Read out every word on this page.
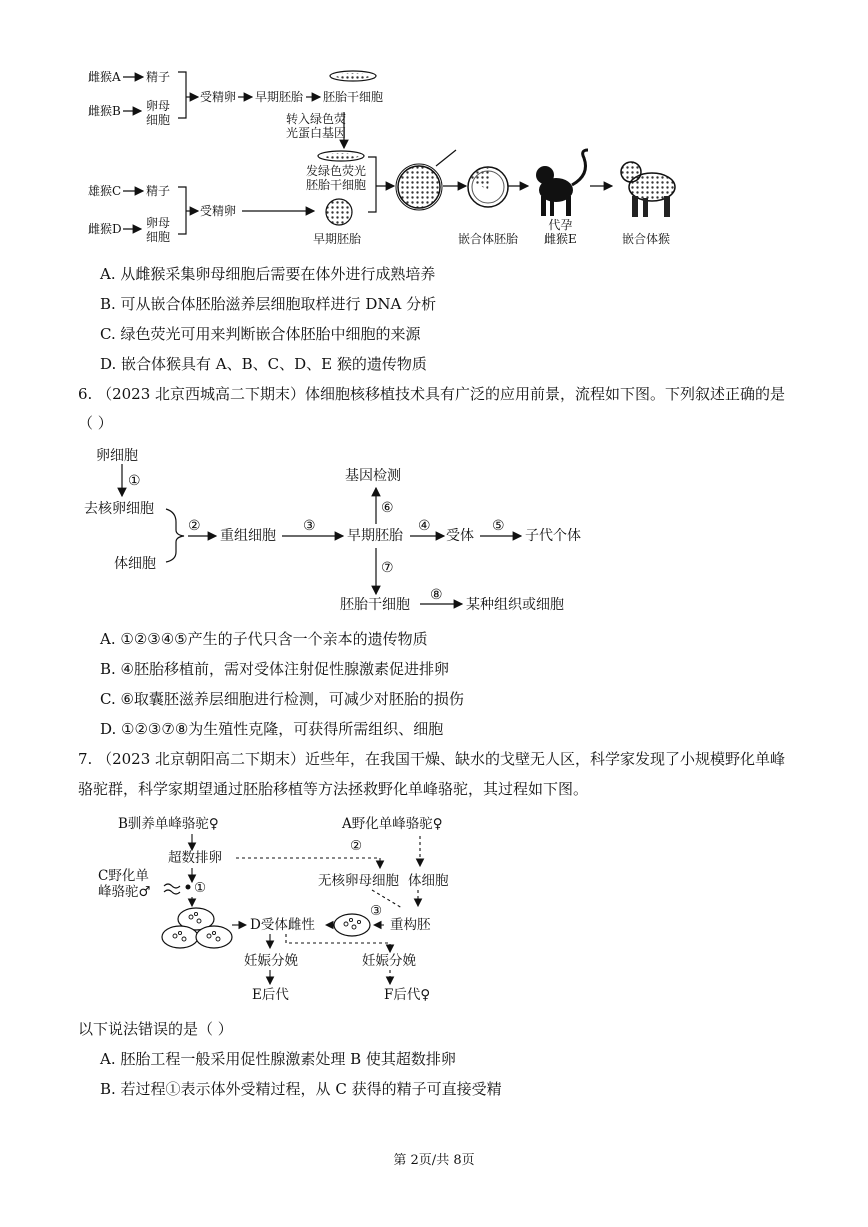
雌猴A
雌猴B
精子
卵母
细胞
受精卵 早期胚胎 胚胎干细胞
转入绿色荧
光蛋白基因
发绿色荧光
胚胎干细胞
雄猴C
雌猴D
精子
卵母
细胞
受精卵
早期胚胎	嵌合体胚胎
代孕
雌猴E	嵌合体猴
A. 从雌猴采集卵母细胞后需要在体外进行成熟培养
B. 可从嵌合体胚胎滋养层细胞取样进行 DNA 分析
C. 绿色荧光可用来判断嵌合体胚胎中细胞的来源
D. 嵌合体猴具有 A、B、C、D、E 猴的遗传物质
6. （2023 北京西城高二下期末）体细胞核移植技术具有广泛的应用前景，流程如下图。下列叙述正确的是
（ ）
卵细胞
①
去核卵细胞
体细胞
②
重组细胞
③
早期胚胎
④
受体
⑤
子代个体
基因检测
⑥
⑦
胚胎干细胞
⑧
某种组织或细胞
A. ①②③④⑤产生的子代只含一个亲本的遗传物质
B. ④胚胎移植前，需对受体注射促性腺激素促进排卵
C. ⑥取囊胚滋养层细胞进行检测，可减少对胚胎的损伤
D. ①②③⑦⑧为生殖性克隆，可获得所需组织、细胞
7. （2023 北京朝阳高二下期末）近些年，在我国干燥、缺水的戈壁无人区，科学家发现了小规模野化单峰
骆驼群，科学家期望通过胚胎移植等方法拯救野化单峰骆驼，其过程如下图。
B驯养单峰骆驼♀	A野化单峰骆驼♀
超数排卵
②
C野化单
峰骆驼♂	①	无核卵母细胞 体细胞
D受体雌性
③
重构胚
妊娠分娩	妊娠分娩
E后代	F后代♀
以下说法错误的是（ ）
A. 胚胎工程一般采用促性腺激素处理 B 使其超数排卵
B. 若过程①表示体外受精过程，从 C 获得的精子可直接受精
第 2页/共 8页
